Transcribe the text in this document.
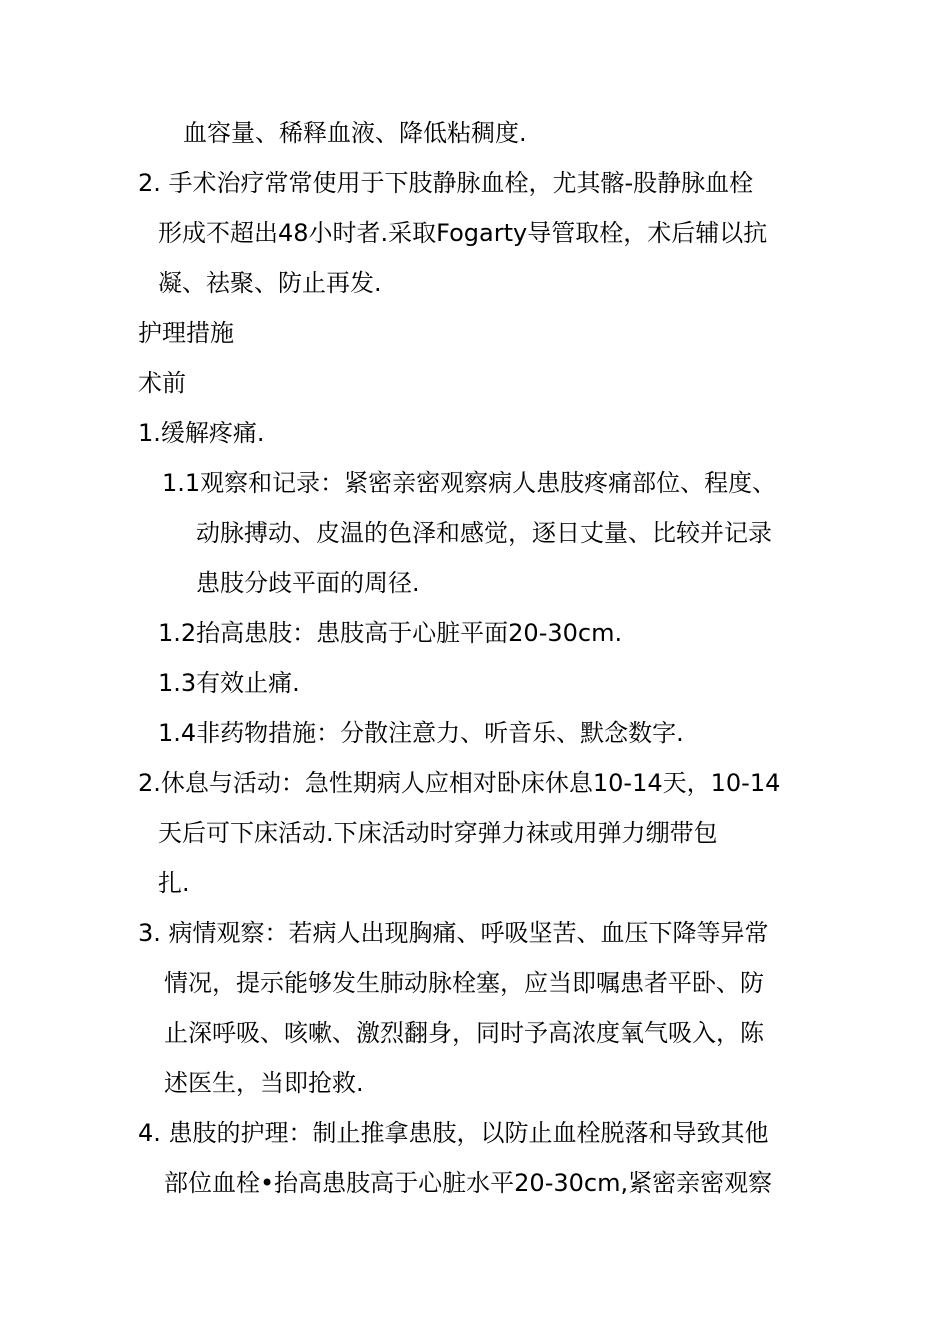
血容量、稀释血液、降低粘稠度.
2. 手术治疗常常使用于下肢静脉血栓，尤其髂-股静脉血栓
形成不超出48小时者.采取Fogarty导管取栓，术后辅以抗
凝、祛聚、防止再发.
护理措施
术前
1.缓解疼痛.
1.1观察和记录：紧密亲密观察病人患肢疼痛部位、程度、
动脉搏动、皮温的色泽和感觉，逐日丈量、比较并记录
患肢分歧平面的周径.
1.2抬高患肢：患肢高于心脏平面20-30cm.
1.3有效止痛.
1.4非药物措施：分散注意力、听音乐、默念数字.
2.休息与活动：急性期病人应相对卧床休息10-14天，10-14
天后可下床活动.下床活动时穿弹力袜或用弹力绷带包
扎.
3. 病情观察：若病人出现胸痛、呼吸坚苦、血压下降等异常
情况，提示能够发生肺动脉栓塞，应当即嘱患者平卧、防
止深呼吸、咳嗽、激烈翻身，同时予高浓度氧气吸入，陈
述医生，当即抢救.
4. 患肢的护理：制止推拿患肢，以防止血栓脱落和导致其他
部位血栓•抬高患肢高于心脏水平20-30cm,紧密亲密观察
